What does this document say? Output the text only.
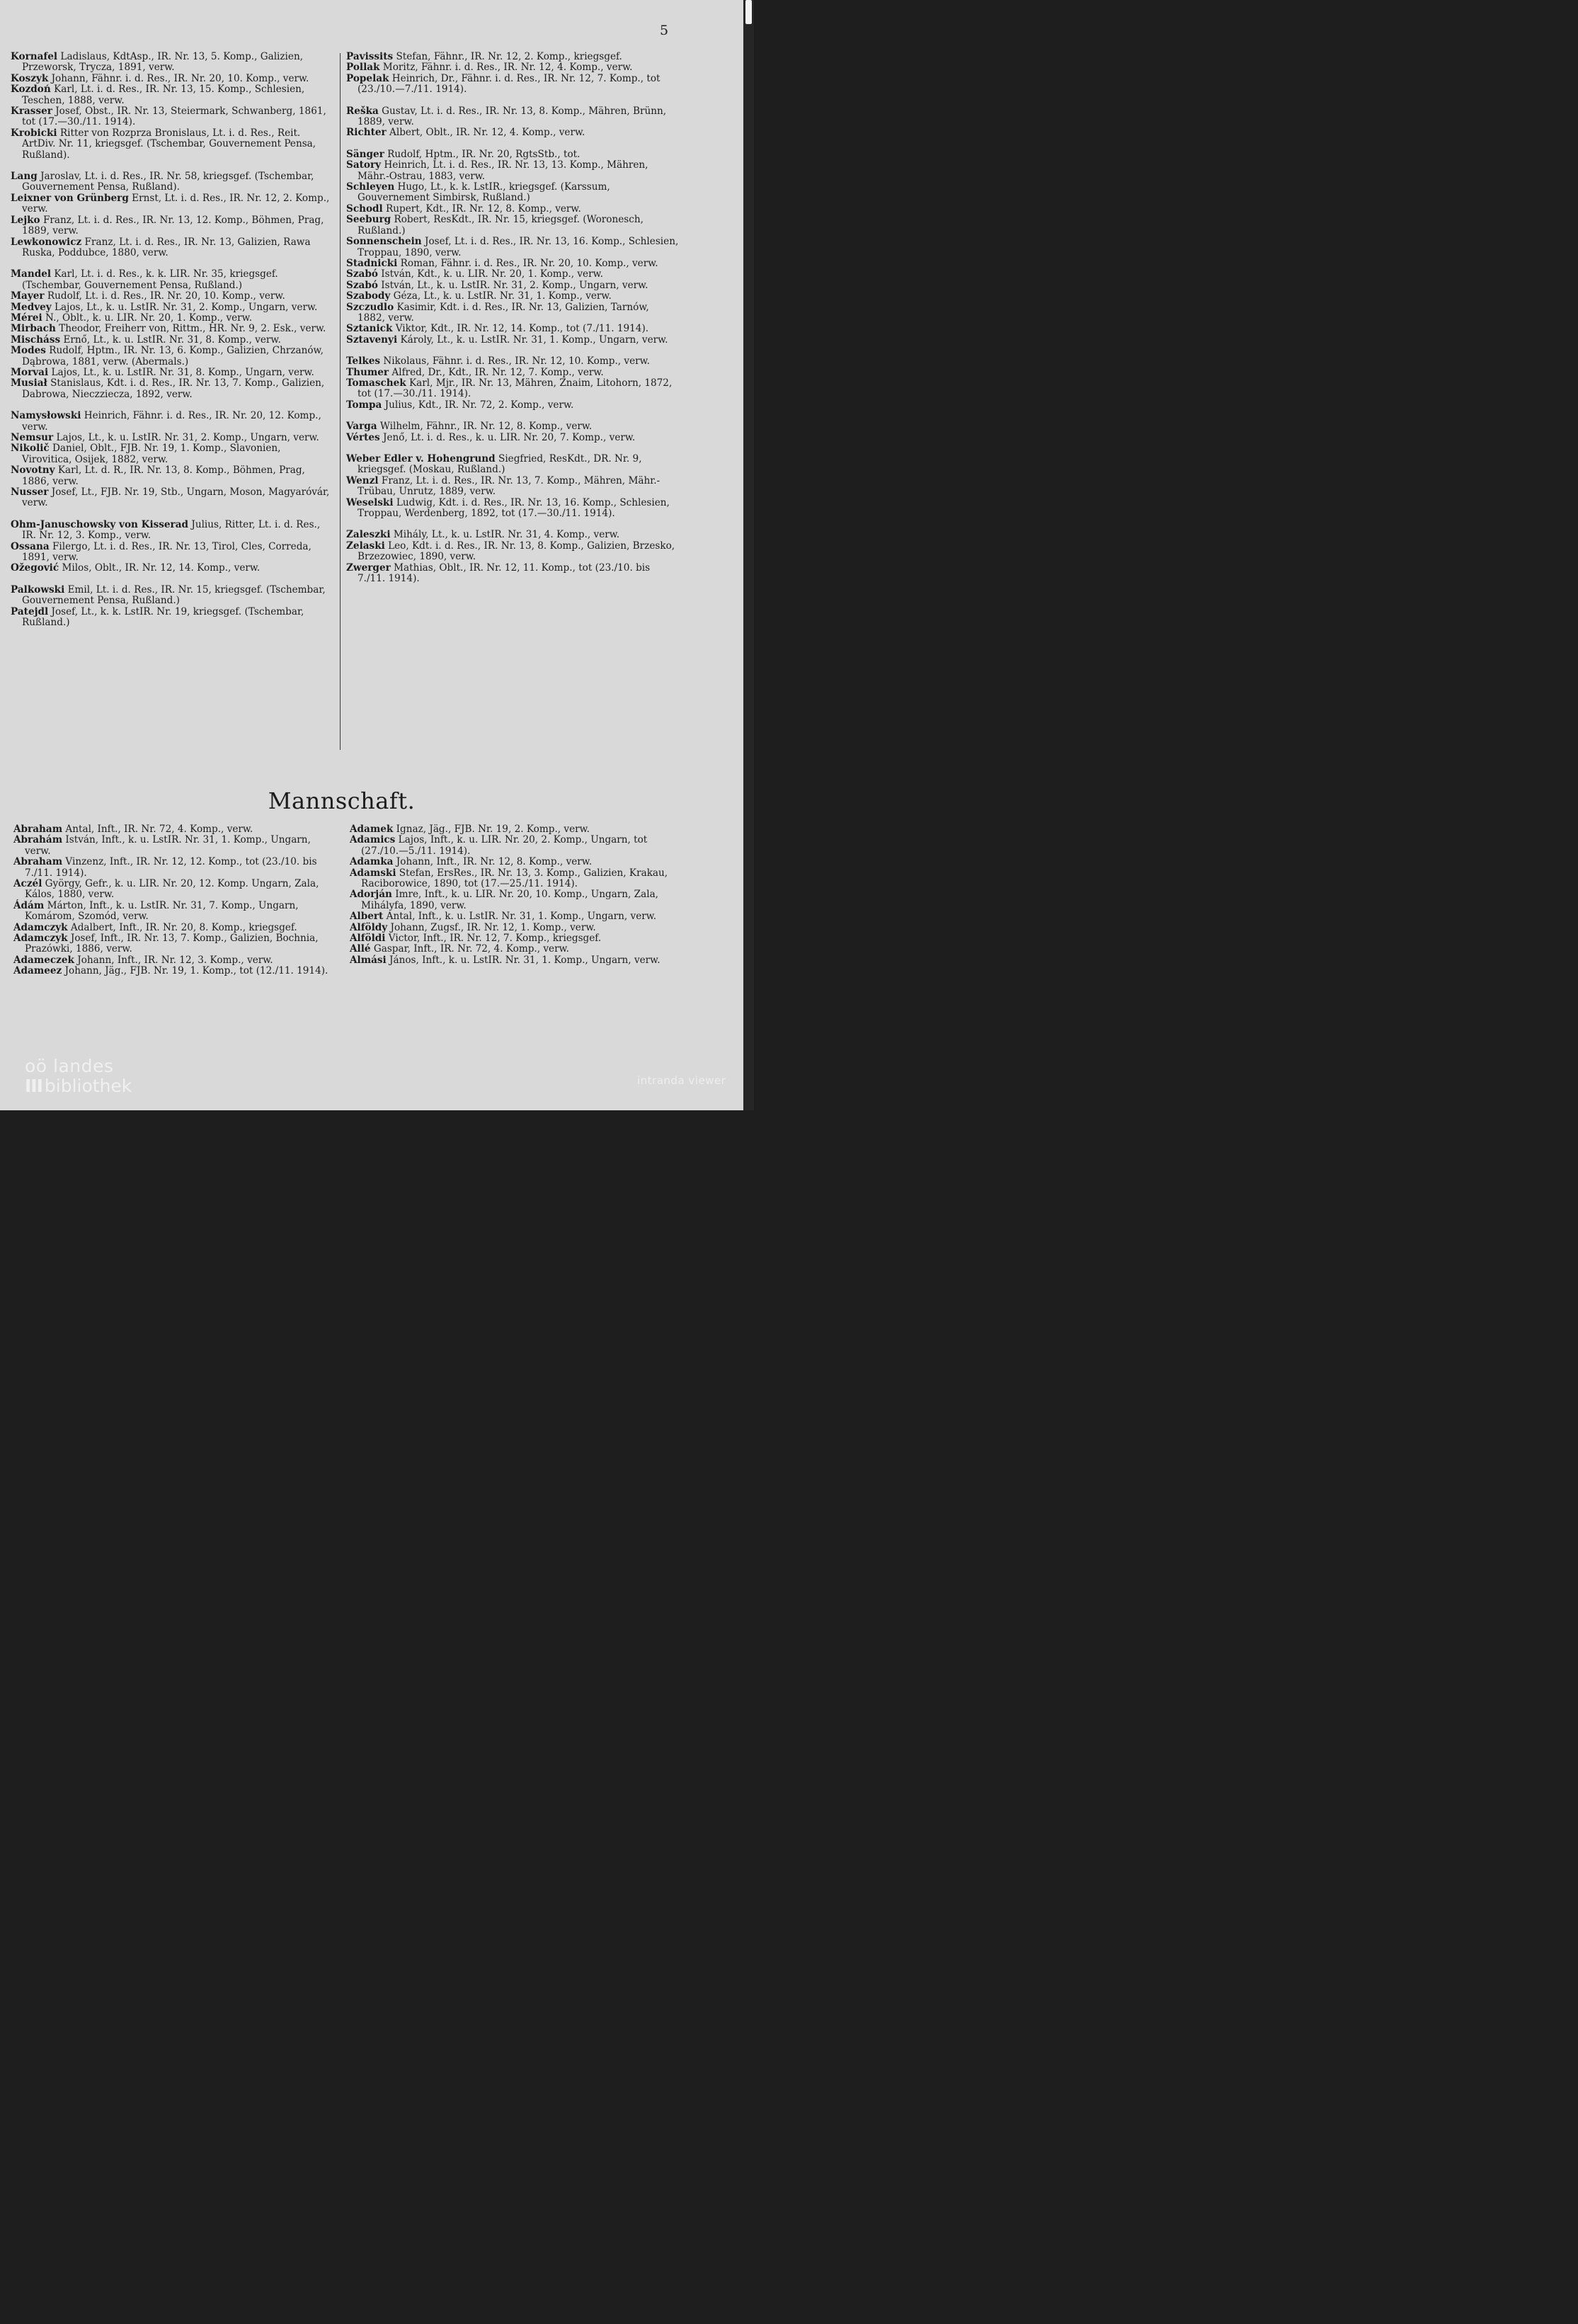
5

Kornafel Ladislaus, KdtAsp., IR. Nr. 13, 5. Komp., Galizien, Przeworsk, Trycza, 1891, verw.

Koszyk Johann, Fähnr. i. d. Res., IR. Nr. 20, 10. Komp., verw.

Kozdoń Karl, Lt. i. d. Res., IR. Nr. 13, 15. Komp., Schlesien, Teschen, 1888, verw.

Krasser Josef, Obst., IR. Nr. 13, Steiermark, Schwanberg, 1861, tot (17.—30./11. 1914).

Krobicki Ritter von Rozprza Bronislaus, Lt. i. d. Res., Reit. ArtDiv. Nr. 11, kriegsgef. (Tschembar, Gouvernement Pensa, Rußland).

Lang Jaroslav, Lt. i. d. Res., IR. Nr. 58, kriegsgef. (Tschembar, Gouvernement Pensa, Rußland).

Leixner von Grünberg Ernst, Lt. i. d. Res., IR. Nr. 12, 2. Komp., verw.

Lejko Franz, Lt. i. d. Res., IR. Nr. 13, 12. Komp., Böhmen, Prag, 1889, verw.

Lewkonowicz Franz, Lt. i. d. Res., IR. Nr. 13, Galizien, Rawa Ruska, Poddubce, 1880, verw.

Mandel Karl, Lt. i. d. Res., k. k. LIR. Nr. 35, kriegsgef. (Tschembar, Gouvernement Pensa, Rußland.)

Mayer Rudolf, Lt. i. d. Res., IR. Nr. 20, 10. Komp., verw.

Medvey Lajos, Lt., k. u. LstIR. Nr. 31, 2. Komp., Ungarn, verw.

Mérei N., Oblt., k. u. LIR. Nr. 20, 1. Komp., verw.

Mirbach Theodor, Freiherr von, Rittm., HR. Nr. 9, 2. Esk., verw.

Mischáss Ernő, Lt., k. u. LstIR. Nr. 31, 8. Komp., verw.

Modes Rudolf, Hptm., IR. Nr. 13, 6. Komp., Galizien, Chrzanów, Dąbrowa, 1881, verw. (Abermals.)

Morvai Lajos, Lt., k. u. LstIR. Nr. 31, 8. Komp., Ungarn, verw.

Musiał Stanislaus, Kdt. i. d. Res., IR. Nr. 13, 7. Komp., Galizien, Dabrowa, Nieczziecza, 1892, verw.

Namysłowski Heinrich, Fähnr. i. d. Res., IR. Nr. 20, 12. Komp., verw.

Nemsur Lajos, Lt., k. u. LstIR. Nr. 31, 2. Komp., Ungarn, verw.

Nikolič Daniel, Oblt., FJB. Nr. 19, 1. Komp., Slavonien, Virovitica, Osijek, 1882, verw.

Novotny Karl, Lt. d. R., IR. Nr. 13, 8. Komp., Böhmen, Prag, 1886, verw.

Nusser Josef, Lt., FJB. Nr. 19, Stb., Ungarn, Moson, Magyaróvár, verw.

Ohm-Januschowsky von Kisserad Julius, Ritter, Lt. i. d. Res., IR. Nr. 12, 3. Komp., verw.

Ossana Filergo, Lt. i. d. Res., IR. Nr. 13, Tirol, Cles, Correda, 1891, verw.

Ožegović Milos, Oblt., IR. Nr. 12, 14. Komp., verw.

Palkowski Emil, Lt. i. d. Res., IR. Nr. 15, kriegsgef. (Tschembar, Gouvernement Pensa, Rußland.)

Patejdl Josef, Lt., k. k. LstIR. Nr. 19, kriegsgef. (Tschembar, Rußland.)

Pavissits Stefan, Fähnr., IR. Nr. 12, 2. Komp., kriegsgef.

Pollak Moritz, Fähnr. i. d. Res., IR. Nr. 12, 4. Komp., verw.

Popelak Heinrich, Dr., Fähnr. i. d. Res., IR. Nr. 12, 7. Komp., tot (23./10.—7./11. 1914).

Reška Gustav, Lt. i. d. Res., IR. Nr. 13, 8. Komp., Mähren, Brünn, 1889, verw.

Richter Albert, Oblt., IR. Nr. 12, 4. Komp., verw.

Sänger Rudolf, Hptm., IR. Nr. 20, RgtsStb., tot.

Satory Heinrich, Lt. i. d. Res., IR. Nr. 13, 13. Komp., Mähren, Mähr.-Ostrau, 1883, verw.

Schleyen Hugo, Lt., k. k. LstIR., kriegsgef. (Karssum, Gouvernement Simbirsk, Rußland.)

Schodl Rupert, Kdt., IR. Nr. 12, 8. Komp., verw.

Seeburg Robert, ResKdt., IR. Nr. 15, kriegsgef. (Woronesch, Rußland.)

Sonnenschein Josef, Lt. i. d. Res., IR. Nr. 13, 16. Komp., Schlesien, Troppau, 1890, verw.

Stadnicki Roman, Fähnr. i. d. Res., IR. Nr. 20, 10. Komp., verw.

Szabó István, Kdt., k. u. LIR. Nr. 20, 1. Komp., verw.

Szabó István, Lt., k. u. LstIR. Nr. 31, 2. Komp., Ungarn, verw.

Szabody Géza, Lt., k. u. LstIR. Nr. 31, 1. Komp., verw.

Szczudlo Kasimir, Kdt. i. d. Res., IR. Nr. 13, Galizien, Tarnów, 1882, verw.

Sztanick Viktor, Kdt., IR. Nr. 12, 14. Komp., tot (7./11. 1914).

Sztavenyi Károly, Lt., k. u. LstIR. Nr. 31, 1. Komp., Ungarn, verw.

Telkes Nikolaus, Fähnr. i. d. Res., IR. Nr. 12, 10. Komp., verw.

Thumer Alfred, Dr., Kdt., IR. Nr. 12, 7. Komp., verw.

Tomaschek Karl, Mjr., IR. Nr. 13, Mähren, Znaim, Litohorn, 1872, tot (17.—30./11. 1914).

Tompa Julius, Kdt., IR. Nr. 72, 2. Komp., verw.

Varga Wilhelm, Fähnr., IR. Nr. 12, 8. Komp., verw.

Vértes Jenő, Lt. i. d. Res., k. u. LIR. Nr. 20, 7. Komp., verw.

Weber Edler v. Hohengrund Siegfried, ResKdt., DR. Nr. 9, kriegsgef. (Moskau, Rußland.)

Wenzl Franz, Lt. i. d. Res., IR. Nr. 13, 7. Komp., Mähren, Mähr.-Trübau, Unrutz, 1889, verw.

Weselski Ludwig, Kdt. i. d. Res., IR. Nr. 13, 16. Komp., Schlesien, Troppau, Werdenberg, 1892, tot (17.—30./11. 1914).

Zaleszki Mihály, Lt., k. u. LstIR. Nr. 31, 4. Komp., verw.

Zelaski Leo, Kdt. i. d. Res., IR. Nr. 13, 8. Komp., Galizien, Brzesko, Brzezowiec, 1890, verw.

Zwerger Mathias, Oblt., IR. Nr. 12, 11. Komp., tot (23./10. bis 7./11. 1914).

Mannschaft.

Abraham Antal, Inft., IR. Nr. 72, 4. Komp., verw.

Abrahám István, Inft., k. u. LstIR. Nr. 31, 1. Komp., Ungarn, verw.

Abraham Vinzenz, Inft., IR. Nr. 12, 12. Komp., tot (23./10. bis 7./11. 1914).

Aczél György, Gefr., k. u. LIR. Nr. 20, 12. Komp. Ungarn, Zala, Kálos, 1880, verw.

Ádám Márton, Inft., k. u. LstIR. Nr. 31, 7. Komp., Ungarn, Komárom, Szomód, verw.

Adamczyk Adalbert, Inft., IR. Nr. 20, 8. Komp., kriegsgef.

Adamczyk Josef, Inft., IR. Nr. 13, 7. Komp., Galizien, Bochnia, Prazówki, 1886, verw.

Adameczek Johann, Inft., IR. Nr. 12, 3. Komp., verw.

Adameez Johann, Jäg., FJB. Nr. 19, 1. Komp., tot (12./11. 1914).

Adamek Ignaz, Jäg., FJB. Nr. 19, 2. Komp., verw.

Adamics Lajos, Inft., k. u. LIR. Nr. 20, 2. Komp., Ungarn, tot (27./10.—5./11. 1914).

Adamka Johann, Inft., IR. Nr. 12, 8. Komp., verw.

Adamski Stefan, ErsRes., IR. Nr. 13, 3. Komp., Galizien, Krakau, Raciborowice, 1890, tot (17.—25./11. 1914).

Adorján Imre, Inft., k. u. LIR. Nr. 20, 10. Komp., Ungarn, Zala, Mihályfa, 1890, verw.

Albert Antal, Inft., k. u. LstIR. Nr. 31, 1. Komp., Ungarn, verw.

Alföldy Johann, Zugsf., IR. Nr. 12, 1. Komp., verw.

Alföldi Victor, Inft., IR. Nr. 12, 7. Komp., kriegsgef.

Allé Gaspar, Inft., IR. Nr. 72, 4. Komp., verw.

Almási János, Inft., k. u. LstIR. Nr. 31, 1. Komp., Ungarn, verw.

oö landes
III bibliothek	intranda viewer
